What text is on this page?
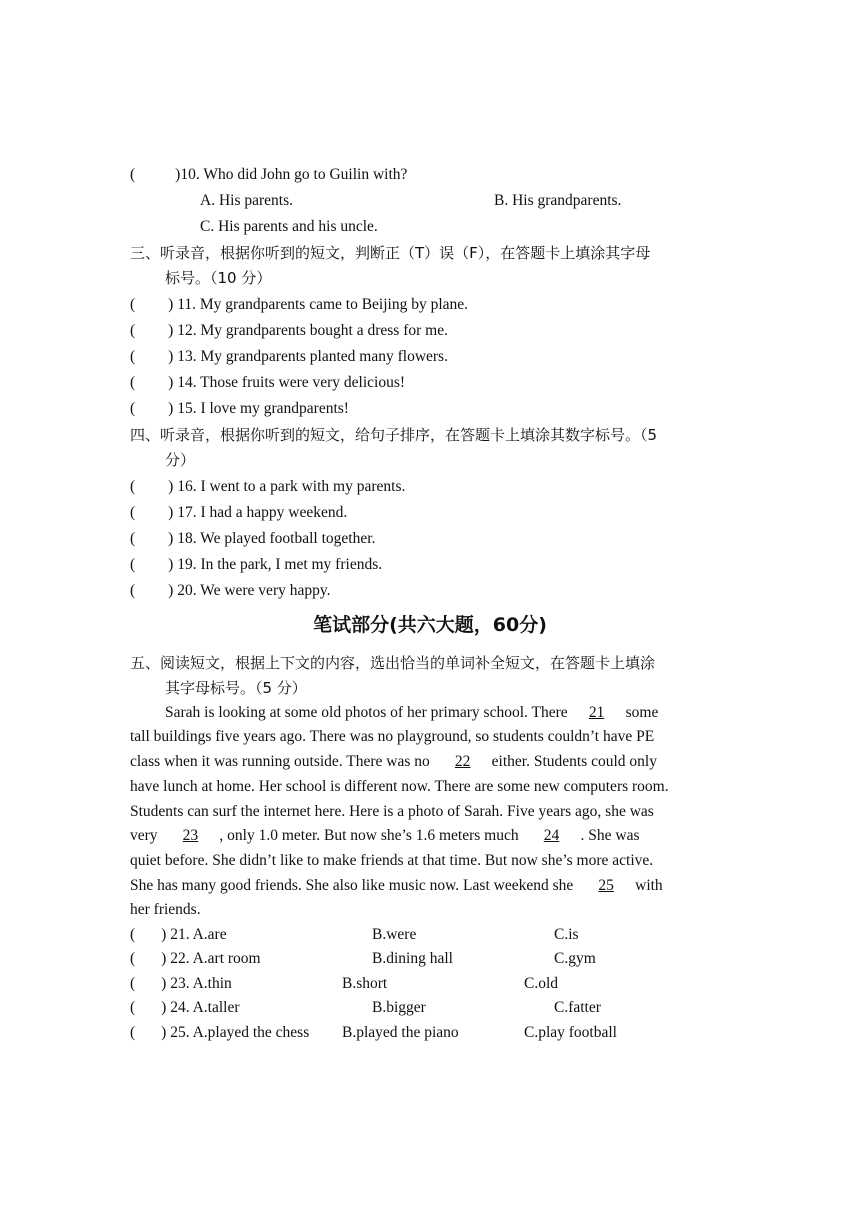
(	)10. Who did John go to Guilin with?
A. His parents.	B. His grandparents.
C. His parents and his uncle.
三、听录音，根据你听到的短文，判断正（T）误（F），在答题卡上填涂其字母
标号。（10 分）
( ) 11. My grandparents came to Beijing by plane.
( ) 12. My grandparents bought a dress for me.
( ) 13. My grandparents planted many flowers.
( ) 14. Those fruits were very delicious!
( ) 15. I love my grandparents!
四、听录音，根据你听到的短文，给句子排序，在答题卡上填涂其数字标号。（5
分）
( ) 16. I went to a park with my parents.
( ) 17. I had a happy weekend.
( ) 18. We played football together.
( ) 19. In the park, I met my friends.
( ) 20. We were very happy.
笔试部分(共六大题，60分)
五、阅读短文，根据上下文的内容，选出恰当的单词补全短文，在答题卡上填涂
其字母标号。（5 分）
Sarah is looking at some old photos of her primary school. There 21 some
tall buildings five years ago. There was no playground, so students couldn’t have PE
class when it was running outside. There was no 22 either. Students could only
have lunch at home. Her school is different now. There are some new computers room.
Students can surf the internet here. Here is a photo of Sarah. Five years ago, she was
very 23 , only 1.0 meter. But now she’s 1.6 meters much 24 . She was
quiet before. She didn’t like to make friends at that time. But now she’s more active.
She has many good friends. She also like music now. Last weekend she 25 with
her friends.
( ) 21. A.are	B.were	C.is
( ) 22. A.art room	B.dining hall	C.gym
( ) 23. A.thin	B.short	C.old
( ) 24. A.taller	B.bigger	C.fatter
( ) 25. A.played the chess B.played the piano	C.play football
